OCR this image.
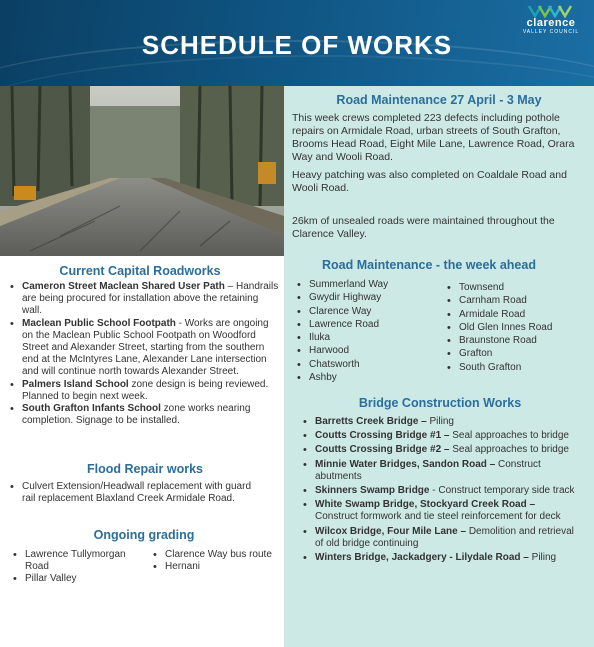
SCHEDULE OF WORKS
clarence
VALLEY COUNCIL
Road Maintenance 27 April - 3 May

This week crews completed 223 defects including pothole repairs on Armidale Road, urban streets of South Grafton, Brooms Head Road, Eight Mile Lane, Lawrence Road, Orara Way and Wooli Road.

Heavy patching was also completed on Coaldale Road and Wooli Road.

26km of unsealed roads were maintained throughout the Clarence Valley.

Road Maintenance - the week ahead
• Summerland Way
• Gwydir Highway
• Clarence Way
• Lawrence Road
• Iluka
• Harwood
• Chatsworth
• Ashby
• Townsend
• Carnham Road
• Armidale Road
• Old Glen Innes Road
• Braunstone Road
• Grafton
• South Grafton
Bridge Construction Works
• Barretts Creek Bridge – Piling
• Coutts Crossing Bridge #1 – Seal approaches to bridge
• Coutts Crossing Bridge #2 – Seal approaches to bridge
• Minnie Water Bridges, Sandon Road – Construct abutments
• Skinners Swamp Bridge - Construct temporary side track
• White Swamp Bridge, Stockyard Creek Road – Construct formwork and tie steel reinforcement for deck
• Wilcox Bridge, Four Mile Lane – Demolition and retrieval of old bridge continuing
• Winters Bridge, Jackadgery - Lilydale Road – Piling
Current Capital Roadworks
• Cameron Street Maclean Shared User Path – Handrails are being procured for installation above the retaining wall.
• Maclean Public School Footpath - Works are ongoing on the Maclean Public School Footpath on Woodford Street and Alexander Street, starting from the southern end at the McIntyres Lane, Alexander Lane intersection and will continue north towards Alexander Street.
• Palmers Island School zone design is being reviewed. Planned to begin next week.
• South Grafton Infants School zone works nearing completion. Signage to be installed.
Flood Repair works
• Culvert Extension/Headwall replacement with guard rail replacement Blaxland Creek Armidale Road.
Ongoing grading
• Lawrence Tullymorgan Road
• Pillar Valley
• Clarence Way bus route
• Hernani
